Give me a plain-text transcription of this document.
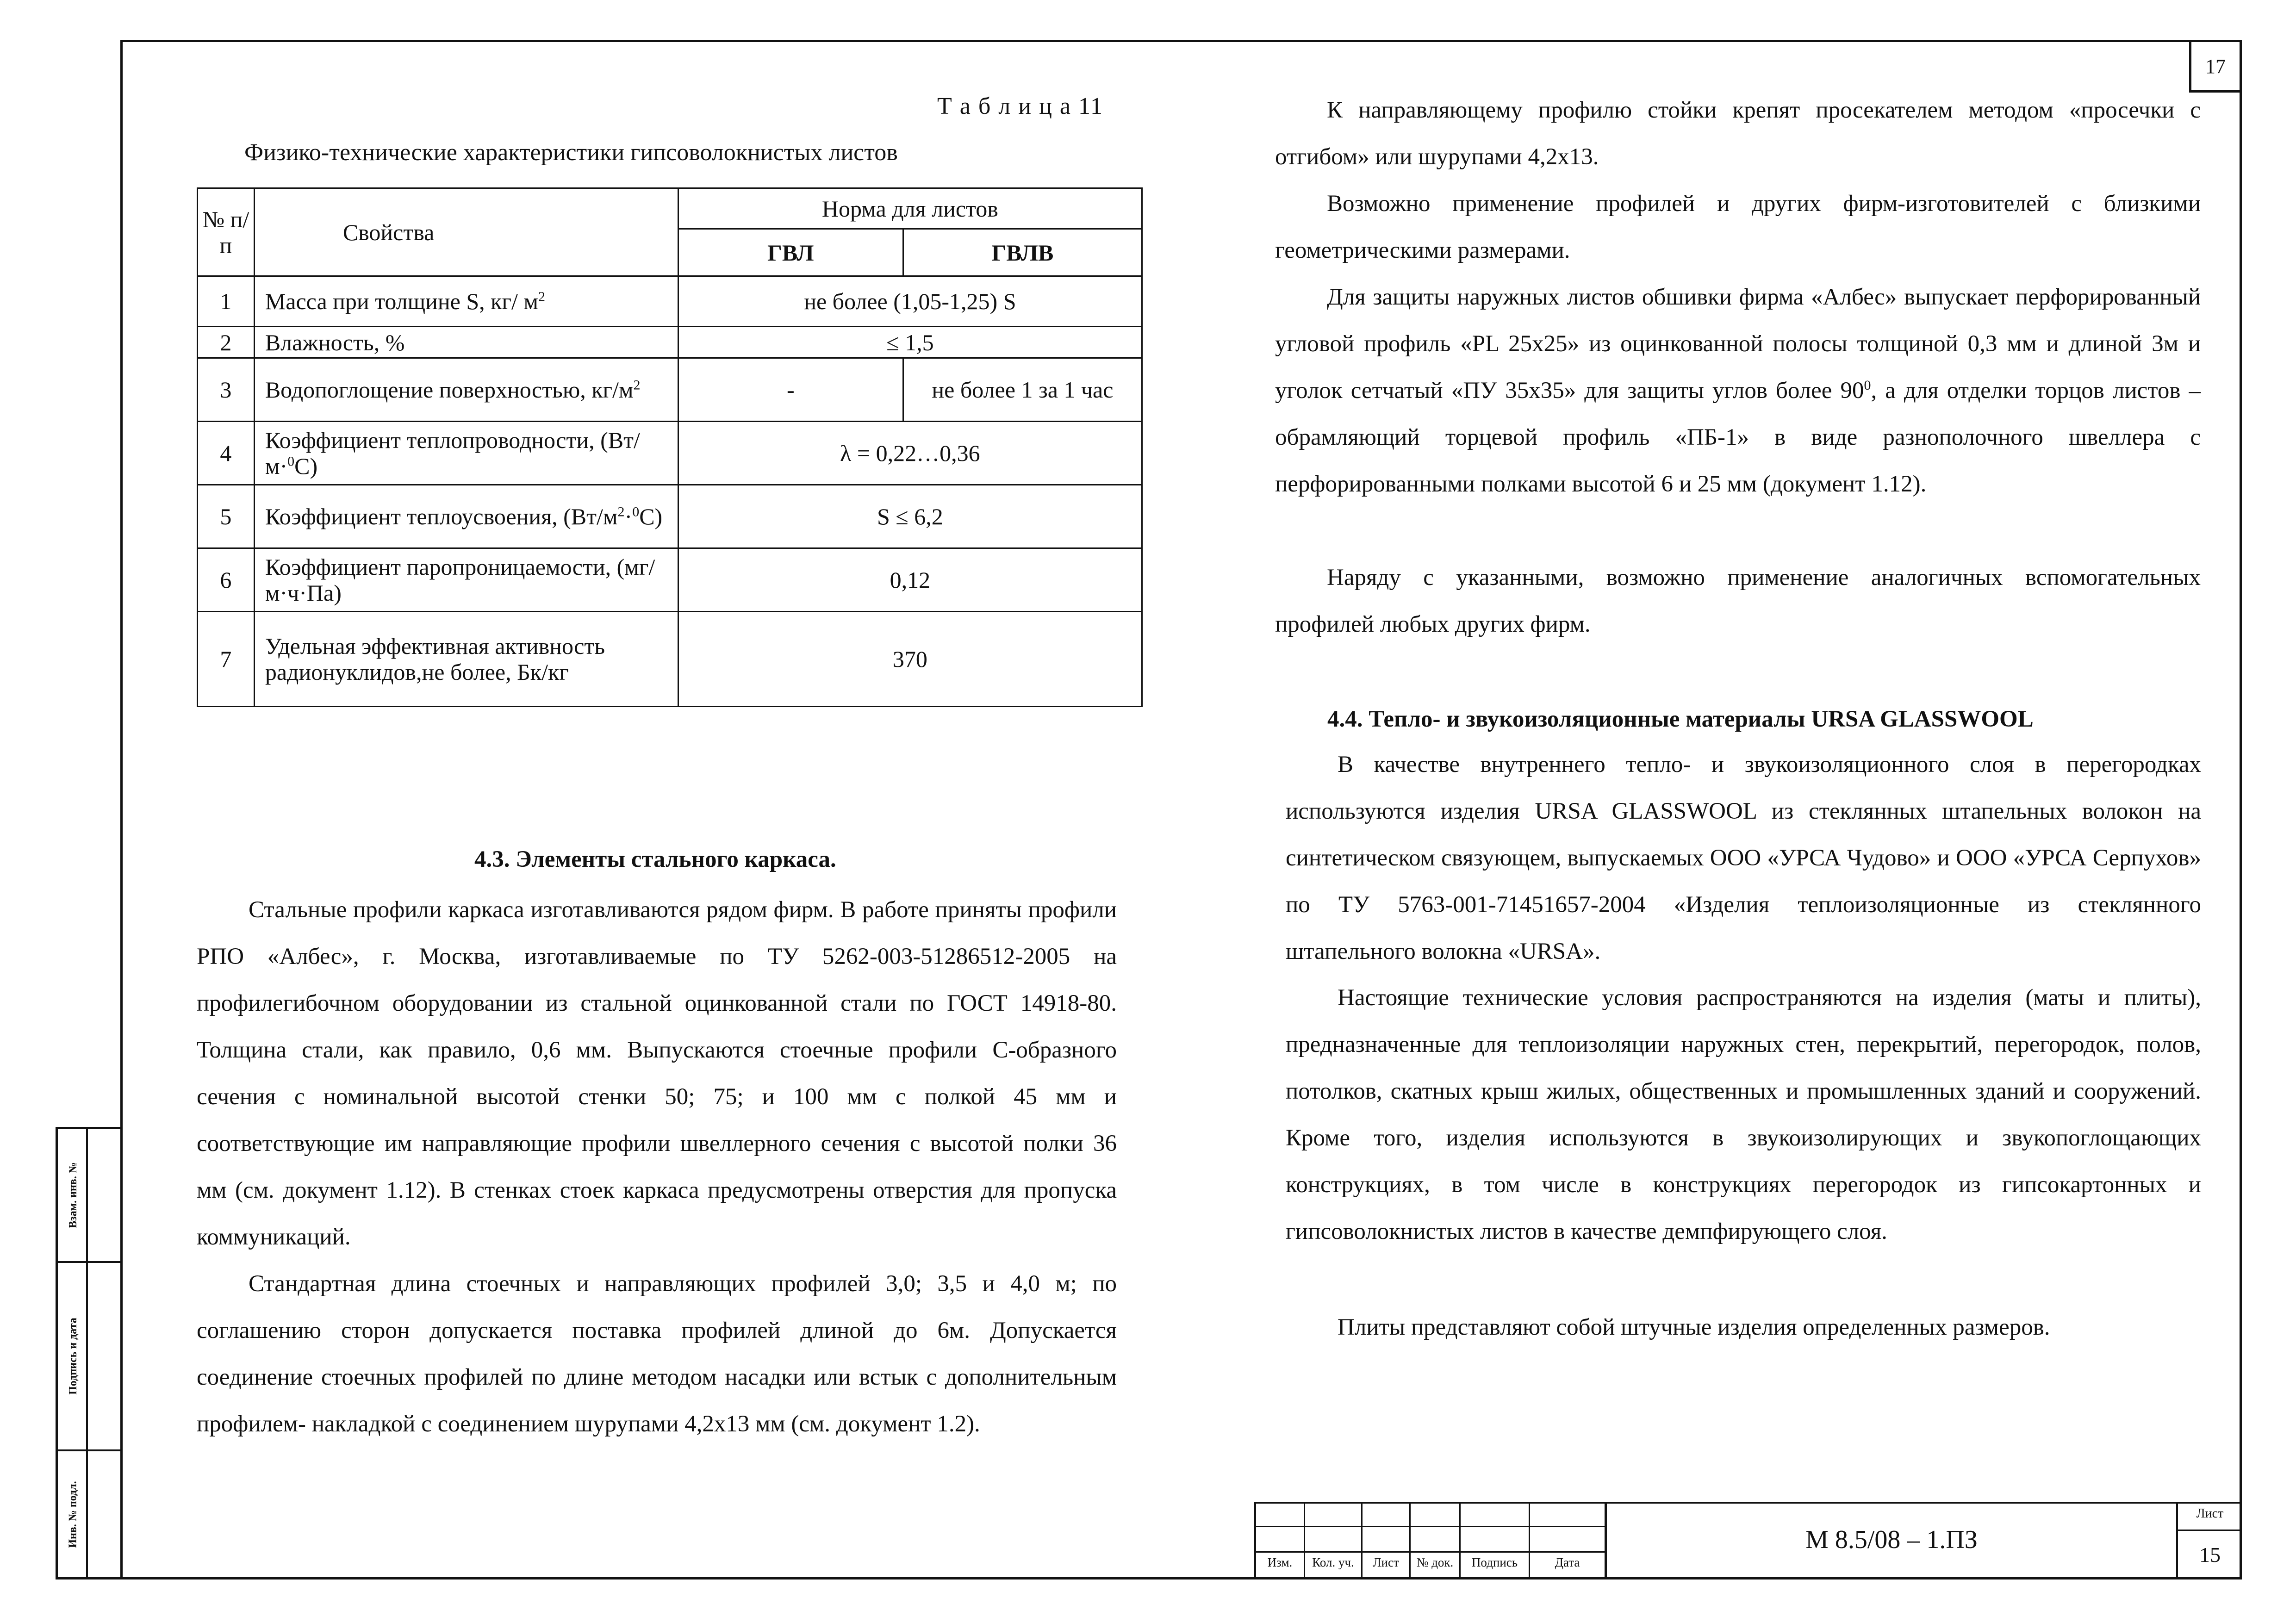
17
Взам. инв. №
Подпись и дата
Инв. № подл.
Т а б л и ц а 11
Физико-технические характеристики гипсоволокнистых листов
№ п/п	Свойства	Норма для листов	
		ГВЛ	ГВЛВ
1	Масса при толщине S, кг/ $м^2$	не более (1,05-1,25) S	
2	Влажность, %	≤ 1,5	
3	Водопоглощение поверхностью, $кг/м^2$	-	не более 1 за 1 час
4	Коэффициент теплопроводности, (Вт/м·$^0$С)	λ = 0,22…0,36	
5	Коэффициент теплоусвоения, $(Вт/м^2\cdot^0С)$	S ≤ 6,2	
6	Коэффициент паропроницаемости, (мг/м·ч·Па)	0,12	
7	Удельная эффективная активность радионуклидов,не более, Бк/кг	370	
4.3. Элементы стального каркаса.
Стальные профили каркаса изготавливаются рядом фирм. В работе приняты профили РПО «Албес», г. Москва, изготавливаемые по ТУ 5262-003-51286512-2005 на профилегибочном оборудовании из стальной оцинкованной стали по ГОСТ 14918-80. Толщина стали, как правило, 0,6 мм. Выпускаются стоечные профили С-образного сечения с номинальной высотой стенки 50; 75; и 100 мм с полкой 45 мм и соответствующие им направляющие профили швеллерного сечения с высотой полки 36 мм (см. документ 1.12). В стенках стоек каркаса предусмотрены отверстия для пропуска коммуникаций.
Стандартная длина стоечных и направляющих профилей 3,0; 3,5 и 4,0 м; по соглашению сторон допускается поставка профилей длиной до 6м. Допускается соединение стоечных профилей по длине методом насадки или встык с дополнительным профилем- накладкой с соединением шурупами 4,2х13 мм (см. документ 1.2).
К направляющему профилю стойки крепят просекателем методом «просечки с отгибом» или шурупами 4,2х13.
Возможно применение профилей и других фирм-изготовителей с близкими геометрическими размерами.
Для защиты наружных листов обшивки фирма «Албес» выпускает перфорированный угловой профиль «PL 25x25» из оцинкованной полосы толщиной 0,3 мм и длиной 3м и уголок сетчатый «ПУ 35х35» для защиты углов более $90^0$, а для отделки торцов листов – обрамляющий торцевой профиль «ПБ-1» в виде разнополочного швеллера с перфорированными полками высотой 6 и 25 мм (документ 1.12).
Наряду с указанными, возможно применение аналогичных вспомогательных профилей любых других фирм.
4.4. Тепло- и звукоизоляционные материалы URSA GLASSWOOL
В качестве внутреннего тепло- и звукоизоляционного слоя в перегородках используются изделия URSA GLASSWOOL из стеклянных штапельных волокон на синтетическом связующем, выпускаемых ООО «УРСА Чудово» и ООО «УРСА Серпухов» по ТУ 5763-001-71451657-2004 «Изделия теплоизоляционные из стеклянного штапельного волокна «URSA».
Настоящие технические условия распространяются на изделия (маты и плиты), предназначенные для теплоизоляции наружных стен, перекрытий, перегородок, полов, потолков, скатных крыш жилых, общественных и промышленных зданий и сооружений. Кроме того, изделия используются в звукоизолирующих и звукопоглощающих конструкциях, в том числе в конструкциях перегородок из гипсокартонных и гипсоволокнистых листов в качестве демпфирующего слоя.
Плиты представляют собой штучные изделия определенных размеров.
Изм.	Кол. уч.	Лист	№ док.	Подпись	Дата
М 8.5/08 – 1.ПЗ
Лист
15
